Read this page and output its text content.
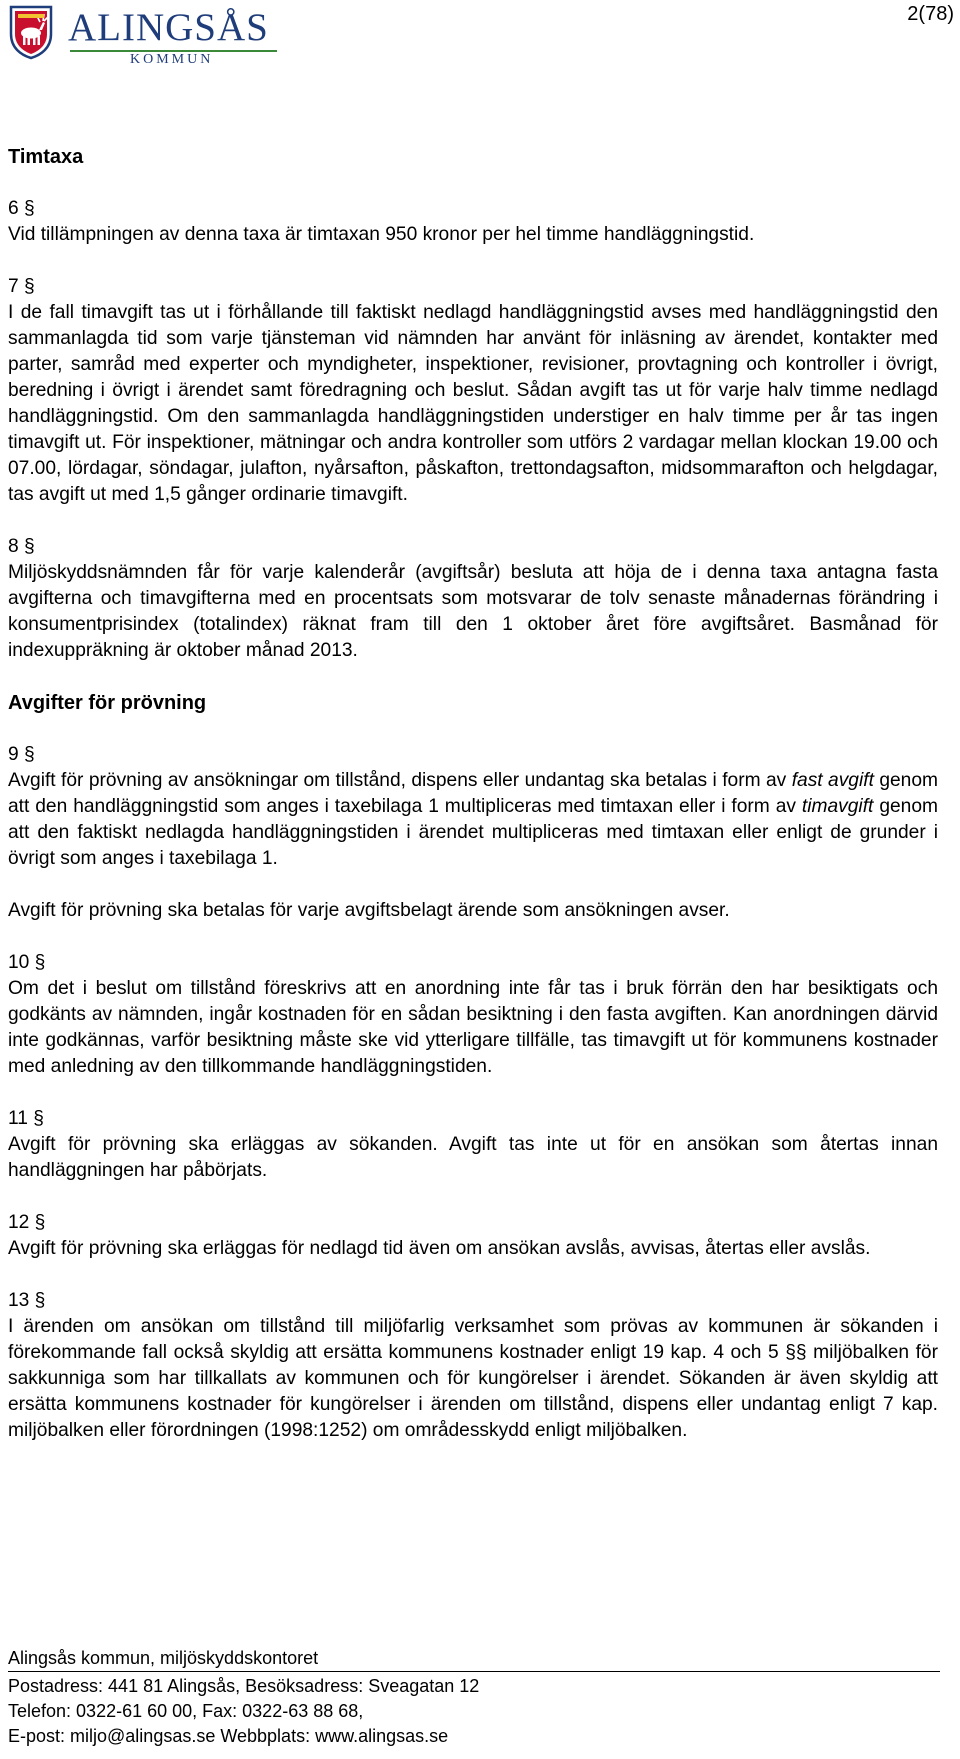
ALINGSÅS
KOMMUN
2(78)
Timtaxa

6 §
Vid tillämpningen av denna taxa är timtaxan 950 kronor per hel timme handläggningstid.

7 §
I de fall timavgift tas ut i förhållande till faktiskt nedlagd handläggningstid avses med handläggningstid den sammanlagda tid som varje tjänsteman vid nämnden har använt för inläsning av ärendet, kontakter med parter, samråd med experter och myndigheter, inspektioner, revisioner, provtagning och kontroller i övrigt, beredning i övrigt i ärendet samt föredragning och beslut. Sådan avgift tas ut för varje halv timme nedlagd handläggningstid. Om den sammanlagda handläggningstiden understiger en halv timme per år tas ingen timavgift ut. För inspektioner, mätningar och andra kontroller som utförs 2 vardagar mellan klockan 19.00 och 07.00, lördagar, söndagar, julafton, nyårsafton, påskafton, trettondagsafton, midsommarafton och helgdagar, tas avgift ut med 1,5 gånger ordinarie timavgift.

8 §
Miljöskyddsnämnden får för varje kalenderår (avgiftsår) besluta att höja de i denna taxa antagna fasta avgifterna och timavgifterna med en procentsats som motsvarar de tolv senaste månadernas förändring i konsumentprisindex (totalindex) räknat fram till den 1 oktober året före avgiftsåret. Basmånad för indexuppräkning är oktober månad 2013.

Avgifter för prövning

9 §
Avgift för prövning av ansökningar om tillstånd, dispens eller undantag ska betalas i form av fast avgift genom att den handläggningstid som anges i taxebilaga 1 multipliceras med timtaxan eller i form av timavgift genom att den faktiskt nedlagda handläggningstiden i ärendet multipliceras med timtaxan eller enligt de grunder i övrigt som anges i taxebilaga 1.

Avgift för prövning ska betalas för varje avgiftsbelagt ärende som ansökningen avser.

10 §
Om det i beslut om tillstånd föreskrivs att en anordning inte får tas i bruk förrän den har besiktigats och godkänts av nämnden, ingår kostnaden för en sådan besiktning i den fasta avgiften. Kan anordningen därvid inte godkännas, varför besiktning måste ske vid ytterligare tillfälle, tas timavgift ut för kommunens kostnader med anledning av den tillkommande handläggningstiden.

11 §
Avgift för prövning ska erläggas av sökanden. Avgift tas inte ut för en ansökan som återtas innan handläggningen har påbörjats.

12 §
Avgift för prövning ska erläggas för nedlagd tid även om ansökan avslås, avvisas, återtas eller avslås.

13 §
I ärenden om ansökan om tillstånd till miljöfarlig verksamhet som prövas av kommunen är sökanden i förekommande fall också skyldig att ersätta kommunens kostnader enligt 19 kap. 4 och 5 §§ miljöbalken för sakkunniga som har tillkallats av kommunen och för kungörelser i ärendet. Sökanden är även skyldig att ersätta kommunens kostnader för kungörelser i ärenden om tillstånd, dispens eller undantag enligt 7 kap. miljöbalken eller förordningen (1998:1252) om områdesskydd enligt miljöbalken.

Alingsås kommun, miljöskyddskontoret
Postadress: 441 81 Alingsås, Besöksadress: Sveagatan 12
Telefon: 0322-61 60 00, Fax: 0322-63 88 68,
E-post: miljo@alingsas.se Webbplats: www.alingsas.se
